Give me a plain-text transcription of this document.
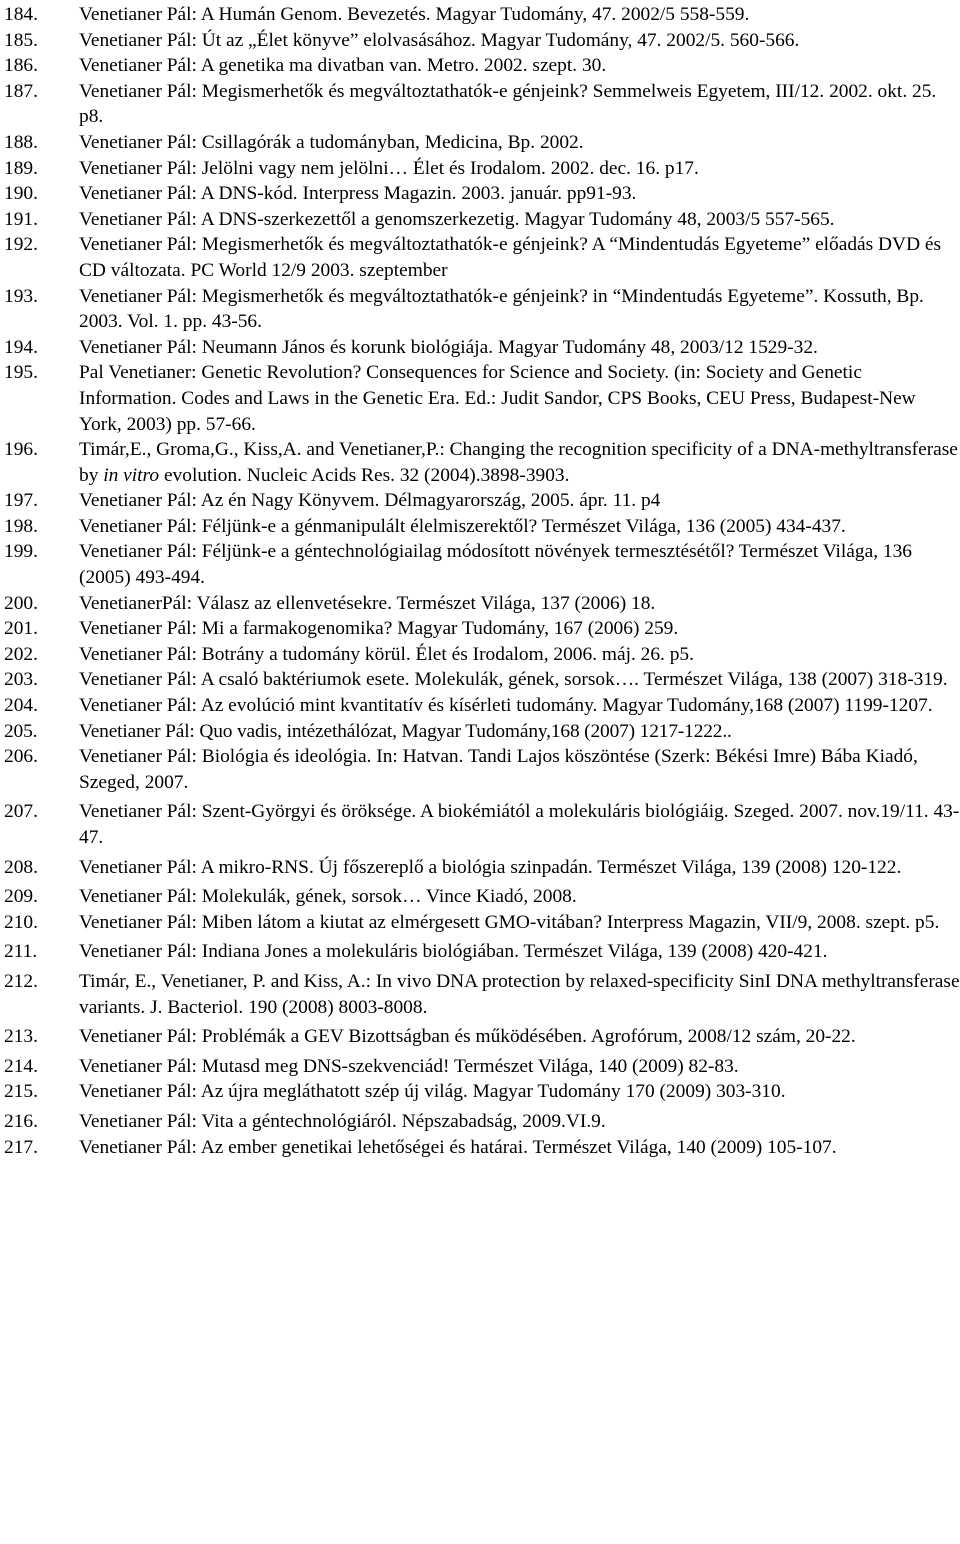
184. Venetianer Pál: A Humán Genom. Bevezetés. Magyar Tudomány, 47. 2002/5 558-559.
185. Venetianer Pál: Út az „Élet könyve” elolvasásához. Magyar Tudomány, 47. 2002/5. 560-566.
186. Venetianer Pál: A genetika ma divatban van. Metro. 2002. szept. 30.
187. Venetianer Pál: Megismerhetők és megváltoztathatók-e génjeink? Semmelweis Egyetem, III/12. 2002. okt. 25. p8.
188. Venetianer Pál: Csillagórák a tudományban, Medicina, Bp. 2002.
189. Venetianer Pál: Jelölni vagy nem jelölni… Élet és Irodalom. 2002. dec. 16. p17.
190. Venetianer Pál: A DNS-kód. Interpress Magazin. 2003. január. pp91-93.
191. Venetianer Pál: A DNS-szerkezettől a genomszerkezetig. Magyar Tudomány 48, 2003/5 557-565.
192. Venetianer Pál: Megismerhetők és megváltoztathatók-e génjeink? A “Mindentudás Egyeteme” előadás DVD és CD változata. PC World 12/9 2003. szeptember
193. Venetianer Pál: Megismerhetők és megváltoztathatók-e génjeink? in “Mindentudás Egyeteme”. Kossuth, Bp. 2003. Vol. 1. pp. 43-56.
194. Venetianer Pál: Neumann János és korunk biológiája. Magyar Tudomány 48, 2003/12 1529-32.
195. Pal Venetianer: Genetic Revolution? Consequences for Science and Society. (in: Society and Genetic Information. Codes and Laws in the Genetic Era. Ed.: Judit Sandor, CPS Books, CEU Press, Budapest-New York, 2003) pp. 57-66.
196. Timár,E., Groma,G., Kiss,A. and Venetianer,P.: Changing the recognition specificity of a DNA-methyltransferase by in vitro evolution. Nucleic Acids Res. 32 (2004).3898-3903.
197. Venetianer Pál: Az én Nagy Könyvem. Délmagyarország, 2005. ápr. 11. p4
198. Venetianer Pál: Féljünk-e a génmanipulált élelmiszerektől? Természet Világa, 136 (2005) 434-437.
199. Venetianer Pál: Féljünk-e a géntechnológiailag módosított növények termesztésétől? Természet Világa, 136 (2005) 493-494.
200. VenetianerPál: Válasz az ellenvetésekre. Természet Világa, 137 (2006) 18.
201. Venetianer Pál: Mi a farmakogenomika? Magyar Tudomány, 167 (2006) 259.
202. Venetianer Pál: Botrány a tudomány körül. Élet és Irodalom, 2006. máj. 26. p5.
203. Venetianer Pál: A csaló baktériumok esete. Molekulák, gének, sorsok…. Természet Világa, 138 (2007) 318-319.
204. Venetianer Pál: Az evolúció mint kvantitatív és kísérleti tudomány. Magyar Tudomány,168 (2007) 1199-1207.
205. Venetianer Pál: Quo vadis, intézethálózat, Magyar Tudomány,168 (2007) 1217-1222..
206. Venetianer Pál: Biológia és ideológia. In: Hatvan. Tandi Lajos köszöntése (Szerk: Békési Imre) Bába Kiadó, Szeged, 2007.
207. Venetianer Pál: Szent-Györgyi és öröksége. A biokémiától a molekuláris biológiáig. Szeged. 2007. nov.19/11. 43-47.
208. Venetianer Pál: A mikro-RNS. Új főszereplő a biológia szinpadán. Természet Világa, 139 (2008) 120-122.
209. Venetianer Pál: Molekulák, gének, sorsok… Vince Kiadó, 2008.
210. Venetianer Pál: Miben látom a kiutat az elmérgesett GMO-vitában? Interpress Magazin, VII/9, 2008. szept. p5.
211. Venetianer Pál: Indiana Jones a molekuláris biológiában. Természet Világa, 139 (2008) 420-421.
212. Timár, E., Venetianer, P. and Kiss, A.: In vivo DNA protection by relaxed-specificity SinI DNA methyltransferase variants. J. Bacteriol. 190 (2008) 8003-8008.
213. Venetianer Pál: Problémák a GEV Bizottságban és működésében. Agrofórum, 2008/12 szám, 20-22.
214. Venetianer Pál: Mutasd meg DNS-szekvenciád! Természet Világa, 140 (2009) 82-83.
215. Venetianer Pál: Az újra megláthatott szép új világ. Magyar Tudomány 170 (2009) 303-310.
216. Venetianer Pál: Vita a géntechnológiáról. Népszabadság, 2009.VI.9.
217. Venetianer Pál: Az ember genetikai lehetőségei és határai. Természet Világa, 140 (2009) 105-107.
